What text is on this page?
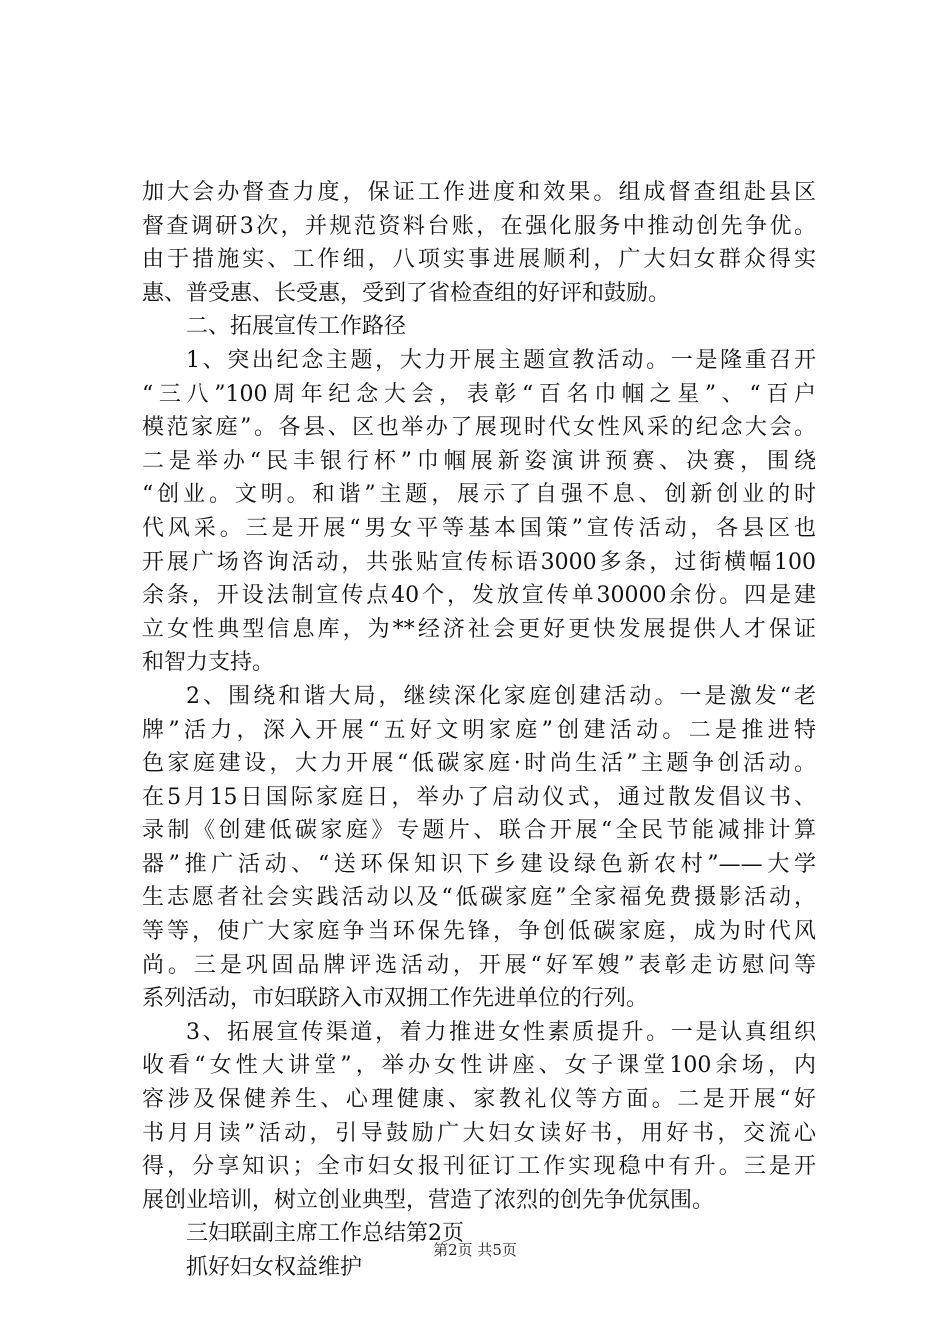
加大会办督查力度，保证工作进度和效果。组成督查组赴县区
督查调研3次，并规范资料台账，在强化服务中推动创先争优。
由于措施实、工作细，八项实事进展顺利，广大妇女群众得实
惠、普受惠、长受惠，受到了省检查组的好评和鼓励。
二、拓展宣传工作路径
1、突出纪念主题，大力开展主题宣教活动。一是隆重召开
“三八”100周年纪念大会，表彰“百名巾帼之星”、“百户
模范家庭”。各县、区也举办了展现时代女性风采的纪念大会。
二是举办“民丰银行杯”巾帼展新姿演讲预赛、决赛，围绕
“创业。文明。和谐”主题，展示了自强不息、创新创业的时
代风采。三是开展“男女平等基本国策”宣传活动，各县区也
开展广场咨询活动，共张贴宣传标语3000多条，过街横幅100
余条，开设法制宣传点40个，发放宣传单30000余份。四是建
立女性典型信息库，为**经济社会更好更快发展提供人才保证
和智力支持。
2、围绕和谐大局，继续深化家庭创建活动。一是激发“老
牌”活力，深入开展“五好文明家庭”创建活动。二是推进特
色家庭建设，大力开展“低碳家庭·时尚生活”主题争创活动。
在5月15日国际家庭日，举办了启动仪式，通过散发倡议书、
录制《创建低碳家庭》专题片、联合开展“全民节能减排计算
器”推广活动、“送环保知识下乡建设绿色新农村”——大学
生志愿者社会实践活动以及“低碳家庭”全家福免费摄影活动，
等等，使广大家庭争当环保先锋，争创低碳家庭，成为时代风
尚。三是巩固品牌评选活动，开展“好军嫂”表彰走访慰问等
系列活动，市妇联跻入市双拥工作先进单位的行列。
3、拓展宣传渠道，着力推进女性素质提升。一是认真组织
收看“女性大讲堂”，举办女性讲座、女子课堂100余场，内
容涉及保健养生、心理健康、家教礼仪等方面。二是开展“好
书月月读”活动，引导鼓励广大妇女读好书，用好书，交流心
得，分享知识；全市妇女报刊征订工作实现稳中有升。三是开
展创业培训，树立创业典型，营造了浓烈的创先争优氛围。
三妇联副主席工作总结第2页
抓好妇女权益维护
第2页 共5页
